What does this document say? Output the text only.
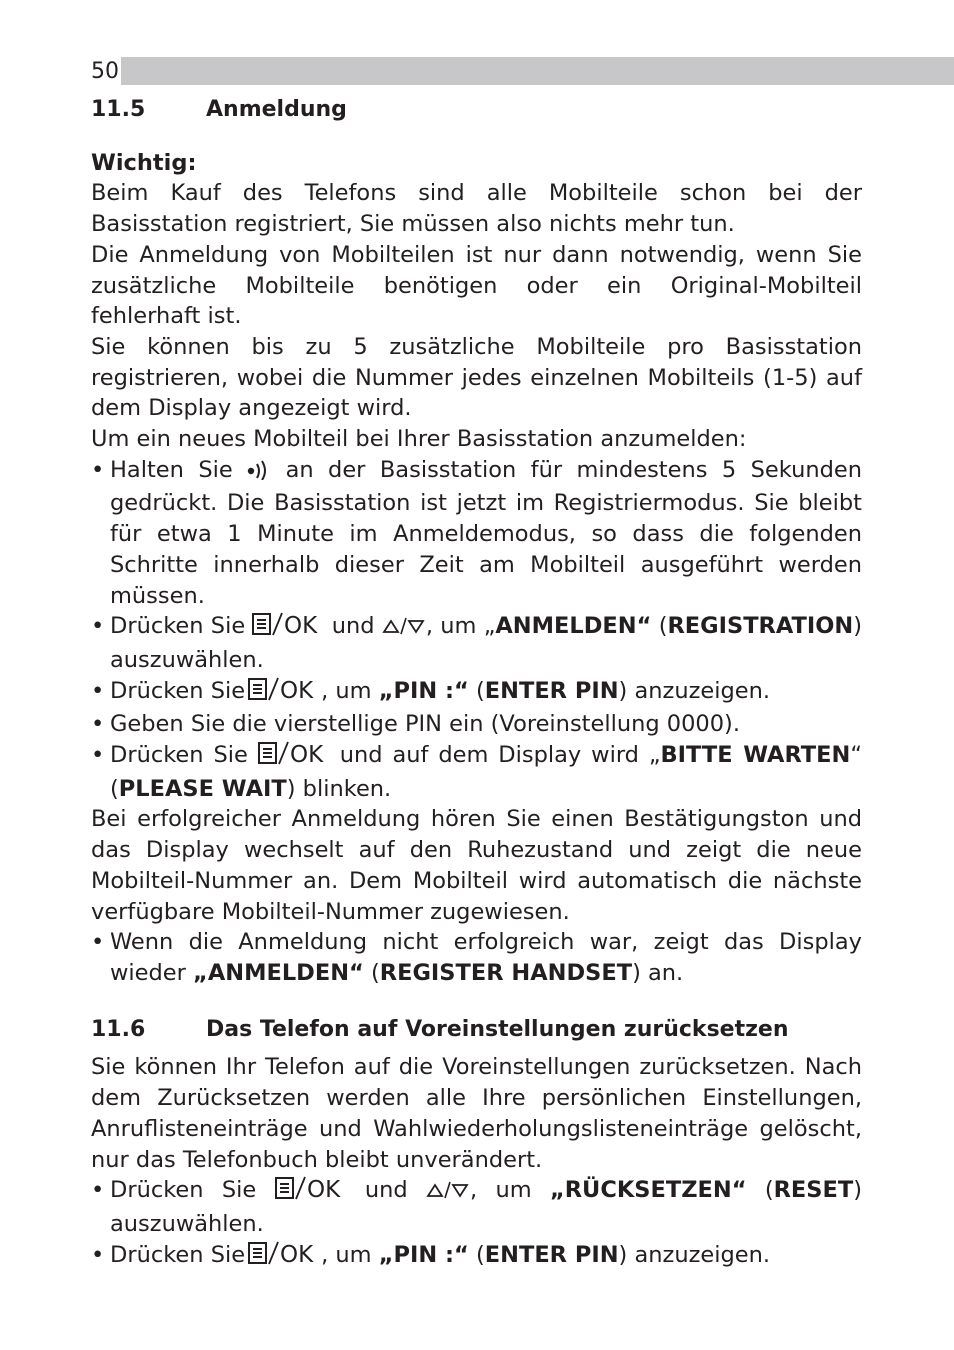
50
11.5	Anmeldung
Wichtig:
Beim Kauf des Telefons sind alle Mobilteile schon bei der Basisstation registriert, Sie müssen also nichts mehr tun.
Die Anmeldung von Mobilteilen ist nur dann notwendig, wenn Sie zusätzliche Mobilteile benötigen oder ein Original-Mobilteil fehlerhaft ist.
Sie können bis zu 5 zusätzliche Mobilteile pro Basisstation registrieren, wobei die Nummer jedes einzelnen Mobilteils (1-5) auf dem Display angezeigt wird.
Um ein neues Mobilteil bei Ihrer Basisstation anzumelden:
• Halten Sie an der Basisstation für mindestens 5 Sekunden gedrückt. Die Basisstation ist jetzt im Registriermodus. Sie bleibt für etwa 1 Minute im Anmeldemodus, so dass die folgenden Schritte innerhalb dieser Zeit am Mobilteil ausgeführt werden müssen.
• Drücken Sie OK und , um „ANMELDEN“ (REGISTRATION) auszuwählen.
• Drücken Sie OK , um „PIN :“ (ENTER PIN) anzuzeigen.
• Geben Sie die vierstellige PIN ein (Voreinstellung 0000).
• Drücken Sie OK und auf dem Display wird „BITTE WARTEN“ (PLEASE WAIT) blinken.
Bei erfolgreicher Anmeldung hören Sie einen Bestätigungston und das Display wechselt auf den Ruhezustand und zeigt die neue Mobilteil-Nummer an. Dem Mobilteil wird automatisch die nächste verfügbare Mobilteil-Nummer zugewiesen.
• Wenn die Anmeldung nicht erfolgreich war, zeigt das Display wieder „ANMELDEN“ (REGISTER HANDSET) an.
11.6	Das Telefon auf Voreinstellungen zurücksetzen
Sie können Ihr Telefon auf die Voreinstellungen zurücksetzen. Nach dem Zurücksetzen werden alle Ihre persönlichen Einstellungen, Anruflisteneinträge und Wahlwiederholungslisteneinträge gelöscht, nur das Telefonbuch bleibt unverändert.
• Drücken Sie OK und	, um „RÜCKSETZEN“ (RESET) auszuwählen.
• Drücken Sie OK , um „PIN :“ (ENTER PIN) anzuzeigen.
